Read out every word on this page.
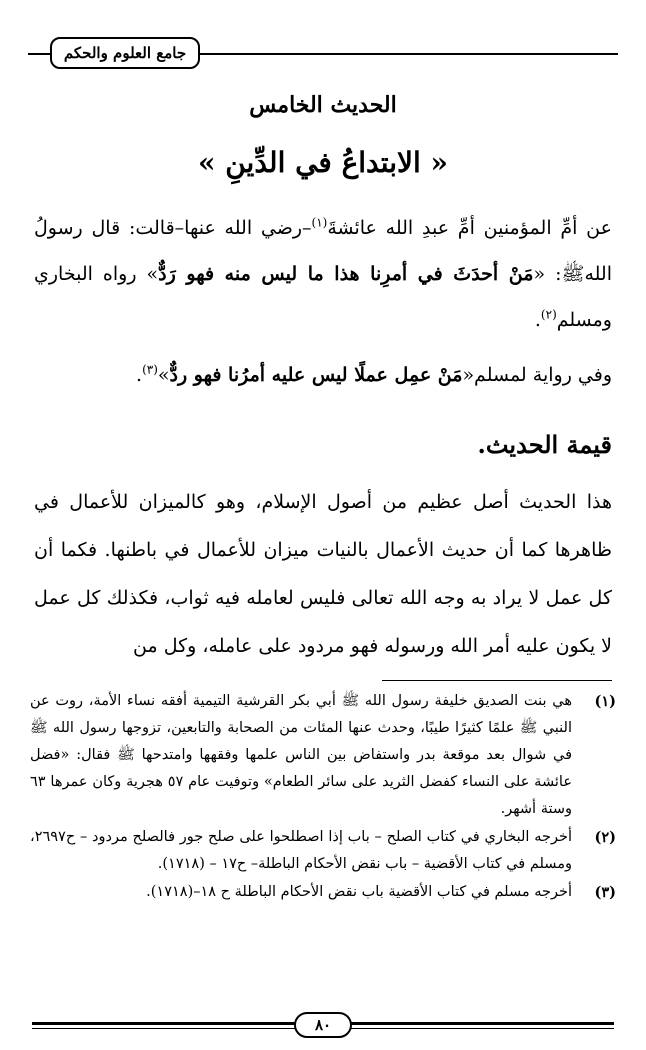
جامع العلوم والحكم
الحديث الخامس
« الابتداعُ في الدِّينِ »
عن أمِّ المؤمنين أمِّ عبدِ الله عائشةَ$^{(١)}$–رضي الله عنها–قالت: قال رسولُ اللهﷺ: «مَنْ أحدَثَ في أمرِنا هذا ما ليس منه فهو رَدٌّ» رواه البخاري ومسلم$^{(٢)}$.
وفي رواية لمسلم«مَنْ عمِل عملًا ليس عليه أمرُنا فهو ردٌّ»$^{(٣)}$.
قيمة الحديث.
هذا الحديث أصل عظيم من أصول الإسلام، وهو كالميزان للأعمال في ظاهرها كما أن حديث الأعمال بالنيات ميزان للأعمال في باطنها. فكما أن كل عمل لا يراد به وجه الله تعالى فليس لعامله فيه ثواب، فكذلك كل عمل لا يكون عليه أمر الله ورسوله فهو مردود على عامله، وكل من
(١)
هي بنت الصديق خليفة رسول الله ﷺ أبي بكر القرشية التيمية أفقه نساء الأمة، روت عن النبي ﷺ علمًا كثيرًا طيبًا، وحدث عنها المئات من الصحابة والتابعين، تزوجها رسول الله ﷺ في شوال بعد موقعة بدر واستفاض بين الناس علمها وفقهها وامتدحها ﷺ فقال: «فضل عائشة على النساء كفضل الثريد على سائر الطعام» وتوفيت عام ٥٧ هجرية وكان عمرها ٦٣ وستة أشهر.
(٢)
أخرجه البخاري في كتاب الصلح – باب إذا اصطلحوا على صلح جور فالصلح مردود – ح٢٦٩٧، ومسلم في كتاب الأقضية – باب نقض الأحكام الباطلة– ح١٧ – (١٧١٨).
(٣)
أخرجه مسلم في كتاب الأقضية باب نقض الأحكام الباطلة ح ١٨–(١٧١٨).
٨٠
